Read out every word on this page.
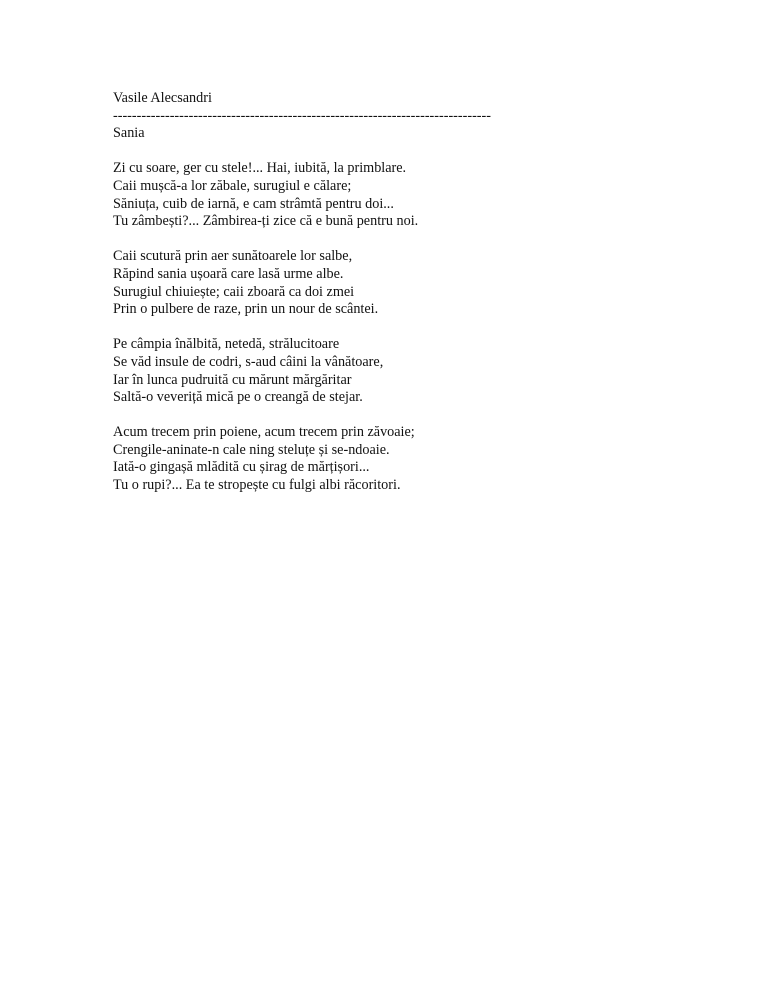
Vasile Alecsandri
--------------------------------------------------------------------------------
Sania
Zi cu soare, ger cu stele!... Hai, iubită, la primblare.
Caii mușcă-a lor zăbale, surugiul e călare;
Săniuța, cuib de iarnă, e cam strâmtă pentru doi...
Tu zâmbești?... Zâmbirea-ți zice că e bună pentru noi.
Caii scutură prin aer sunătoarele lor salbe,
Răpind sania ușoară care lasă urme albe.
Surugiul chiuiește; caii zboară ca doi zmei
Prin o pulbere de raze, prin un nour de scântei.
Pe câmpia înălbită, netedă, strălucitoare
Se văd insule de codri, s-aud câini la vânătoare,
Iar în lunca pudruită cu mărunt mărgăritar
Saltă-o veveriță mică pe o creangă de stejar.
Acum trecem prin poiene, acum trecem prin zăvoaie;
Crengile-aninate-n cale ning steluțe și se-ndoaie.
Iată-o gingașă mlădită cu șirag de mărțișori...
Tu o rupi?... Ea te stropește cu fulgi albi răcoritori.
